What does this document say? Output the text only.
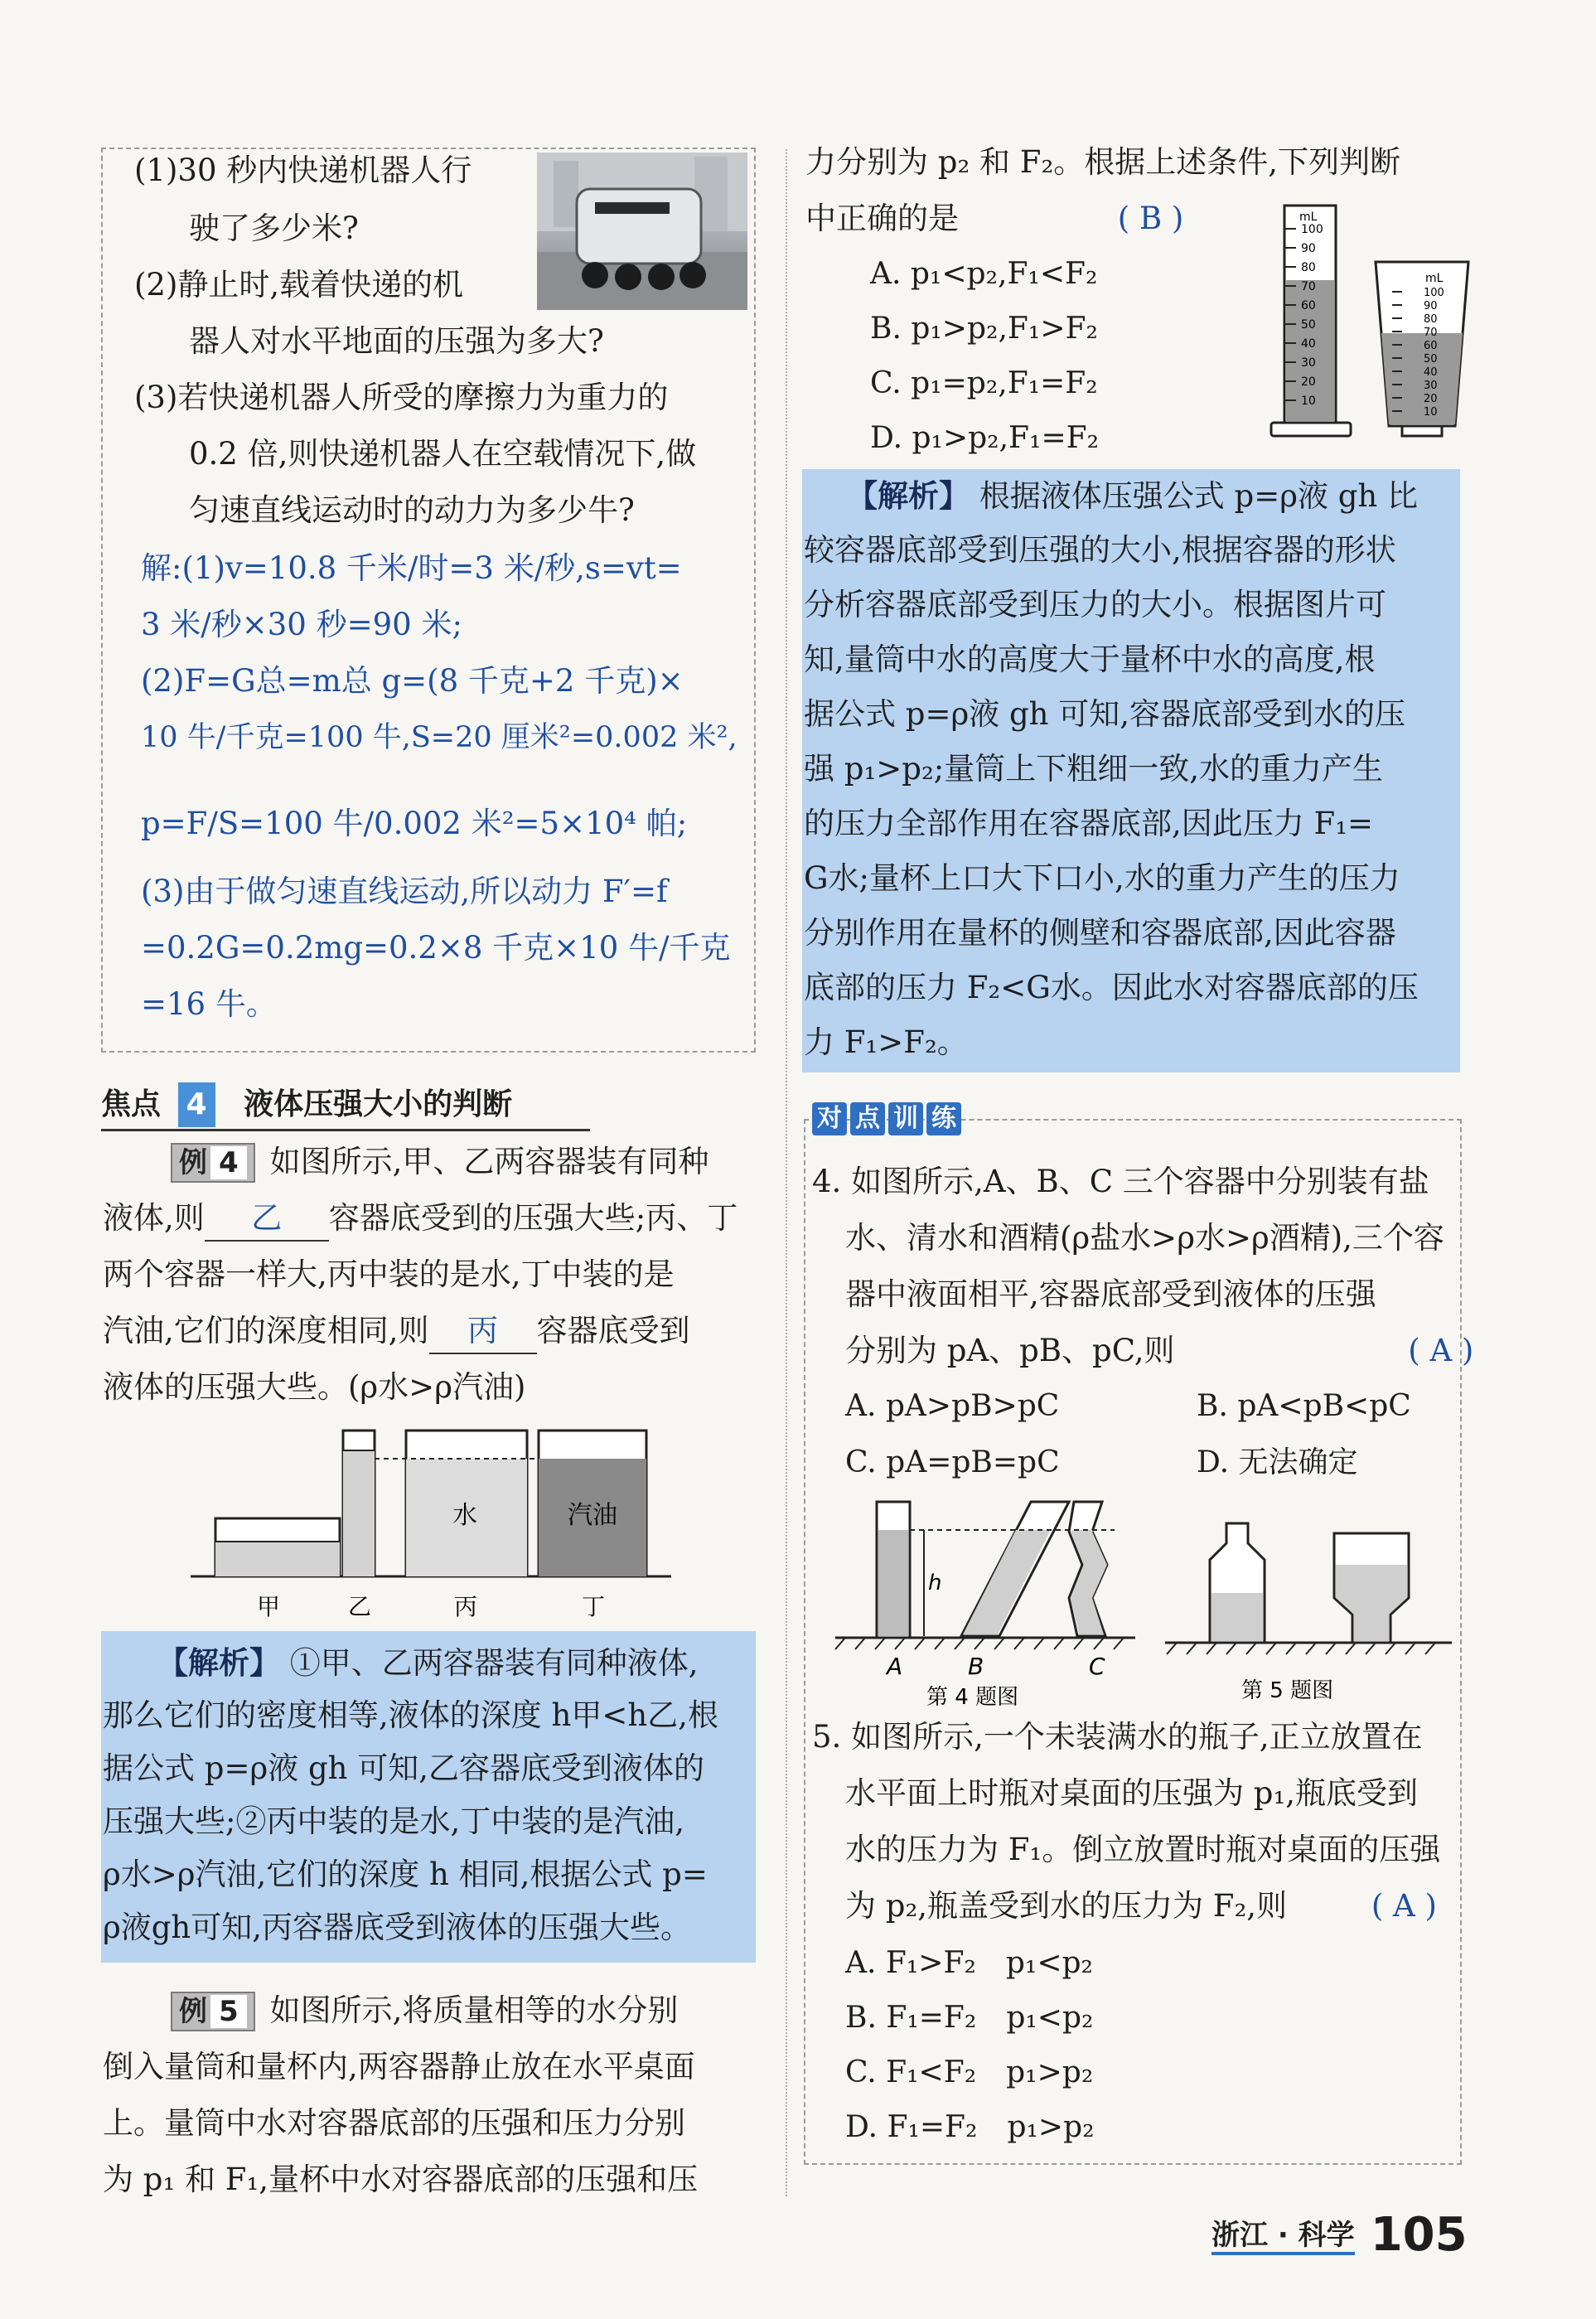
(1)30 秒内快递机器人行
驶了多少米?
(2)静止时,载着快递的机
器人对水平地面的压强为多大?
(3)若快递机器人所受的摩擦力为重力的
0.2 倍,则快递机器人在空载情况下,做
匀速直线运动时的动力为多少牛?
解:(1)v=10.8 千米/时=3 米/秒,s=vt=
3 米/秒×30 秒=90 米;
(2)F=G总=m总 g=(8 千克+2 千克)×
10 牛/千克=100 牛,S=20 厘米²=0.002 米²,
p=F/S=100 牛/0.002 米²=5×10⁴ 帕;
(3)由于做匀速直线运动,所以动力 F′=f
=0.2G=0.2mg=0.2×8 千克×10 牛/千克
=16 牛。
焦点 4 液体压强大小的判断
例 4 如图所示,甲、乙两容器装有同种
液体,则 乙 容器底受到的压强大些;丙、丁
两个容器一样大,丙中装的是水,丁中装的是
汽油,它们的深度相同,则 丙 容器底受到
液体的压强大些。(ρ水>ρ汽油)
水	汽油
甲	乙	丙	丁
【解析】 ①甲、乙两容器装有同种液体,
那么它们的密度相等,液体的深度 h甲<h乙,根
据公式 p=ρ液 gh 可知,乙容器底受到液体的
压强大些;②丙中装的是水,丁中装的是汽油,
ρ水>ρ汽油,它们的深度 h 相同,根据公式 p=
ρ液gh可知,丙容器底受到液体的压强大些。
例 5 如图所示,将质量相等的水分别
倒入量筒和量杯内,两容器静止放在水平桌面
上。量筒中水对容器底部的压强和压力分别
为 p₁ 和 F₁,量杯中水对容器底部的压强和压
力分别为 p₂ 和 F₂。根据上述条件,下列判断
中正确的是	( B )
A. p₁<p₂,F₁<F₂
B. p₁>p₂,F₁>F₂
C. p₁=p₂,F₁=F₂
D. p₁>p₂,F₁=F₂
mL
100
90
80
70
60
50
40
30
20
10
mL
100
90
80
70
60
50
40
30
20
10
【解析】 根据液体压强公式 p=ρ液 gh 比
较容器底部受到压强的大小,根据容器的形状
分析容器底部受到压力的大小。根据图片可
知,量筒中水的高度大于量杯中水的高度,根
据公式 p=ρ液 gh 可知,容器底部受到水的压
强 p₁>p₂;量筒上下粗细一致,水的重力产生
的压力全部作用在容器底部,因此压力 F₁=
G水;量杯上口大下口小,水的重力产生的压力
分别作用在量杯的侧壁和容器底部,因此容器
底部的压力 F₂<G水。因此水对容器底部的压
力 F₁>F₂。
对 点 训 练
4. 如图所示,A、B、C 三个容器中分别装有盐
水、清水和酒精(ρ盐水>ρ水>ρ酒精),三个容
器中液面相平,容器底部受到液体的压强
分别为 pA、pB、pC,则	( A )
A. pA>pB>pC	B. pA<pB<pC
C. pA=pB=pC	D. 无法确定
h
A	B	C
第 4 题图	第 5 题图
5. 如图所示,一个未装满水的瓶子,正立放置在
水平面上时瓶对桌面的压强为 p₁,瓶底受到
水的压力为 F₁。倒立放置时瓶对桌面的压强
为 p₂,瓶盖受到水的压力为 F₂,则	( A )
A. F₁>F₂　p₁<p₂
B. F₁=F₂　p₁<p₂
C. F₁<F₂　p₁>p₂
D. F₁=F₂　p₁>p₂
浙江 · 科学 105
